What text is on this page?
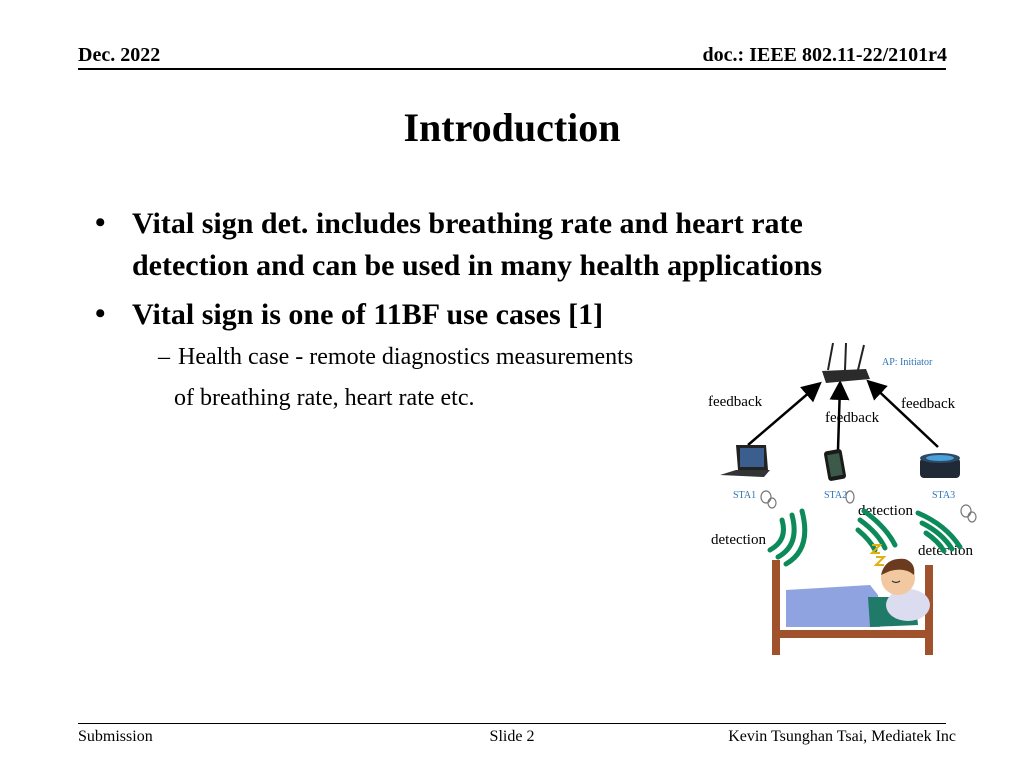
Dec. 2022	doc.: IEEE 802.11-22/2101r4
Introduction
• Vital sign det. includes breathing rate and heart rate
detection and can be used in many health applications
• Vital sign is one of 11BF use cases [1]
– Health case - remote diagnostics measurements
of breathing rate, heart rate etc.
AP: Initiator
feedback
feedback
feedback
STA1	STA2	STA3
detection
detection
detection
Submission	Slide 2	Kevin Tsunghan Tsai, Mediatek Inc
